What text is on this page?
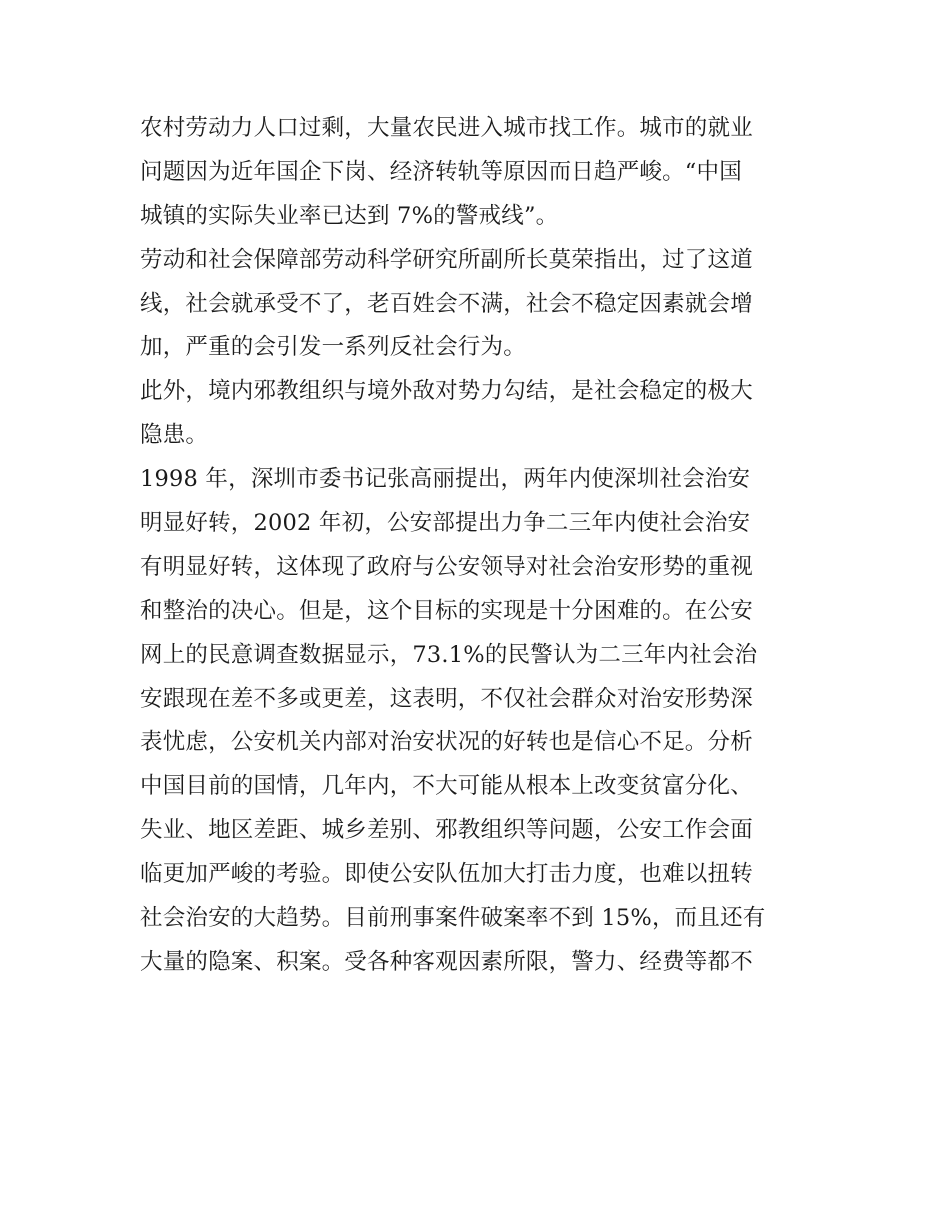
农村劳动力人口过剩，大量农民进入城市找工作。城市的就业
问题因为近年国企下岗、经济转轨等原因而日趋严峻。“中国
城镇的实际失业率已达到 7%的警戒线”。
劳动和社会保障部劳动科学研究所副所长莫荣指出，过了这道
线，社会就承受不了，老百姓会不满，社会不稳定因素就会增
加，严重的会引发一系列反社会行为。
此外，境内邪教组织与境外敌对势力勾结，是社会稳定的极大
隐患。
1998 年，深圳市委书记张高丽提出，两年内使深圳社会治安
明显好转，2002 年初，公安部提出力争二三年内使社会治安
有明显好转，这体现了政府与公安领导对社会治安形势的重视
和整治的决心。但是，这个目标的实现是十分困难的。在公安
网上的民意调查数据显示，73.1%的民警认为二三年内社会治
安跟现在差不多或更差，这表明，不仅社会群众对治安形势深
表忧虑，公安机关内部对治安状况的好转也是信心不足。分析
中国目前的国情，几年内，不大可能从根本上改变贫富分化、
失业、地区差距、城乡差别、邪教组织等问题，公安工作会面
临更加严峻的考验。即使公安队伍加大打击力度，也难以扭转
社会治安的大趋势。目前刑事案件破案率不到 15%，而且还有
大量的隐案、积案。受各种客观因素所限，警力、经费等都不
